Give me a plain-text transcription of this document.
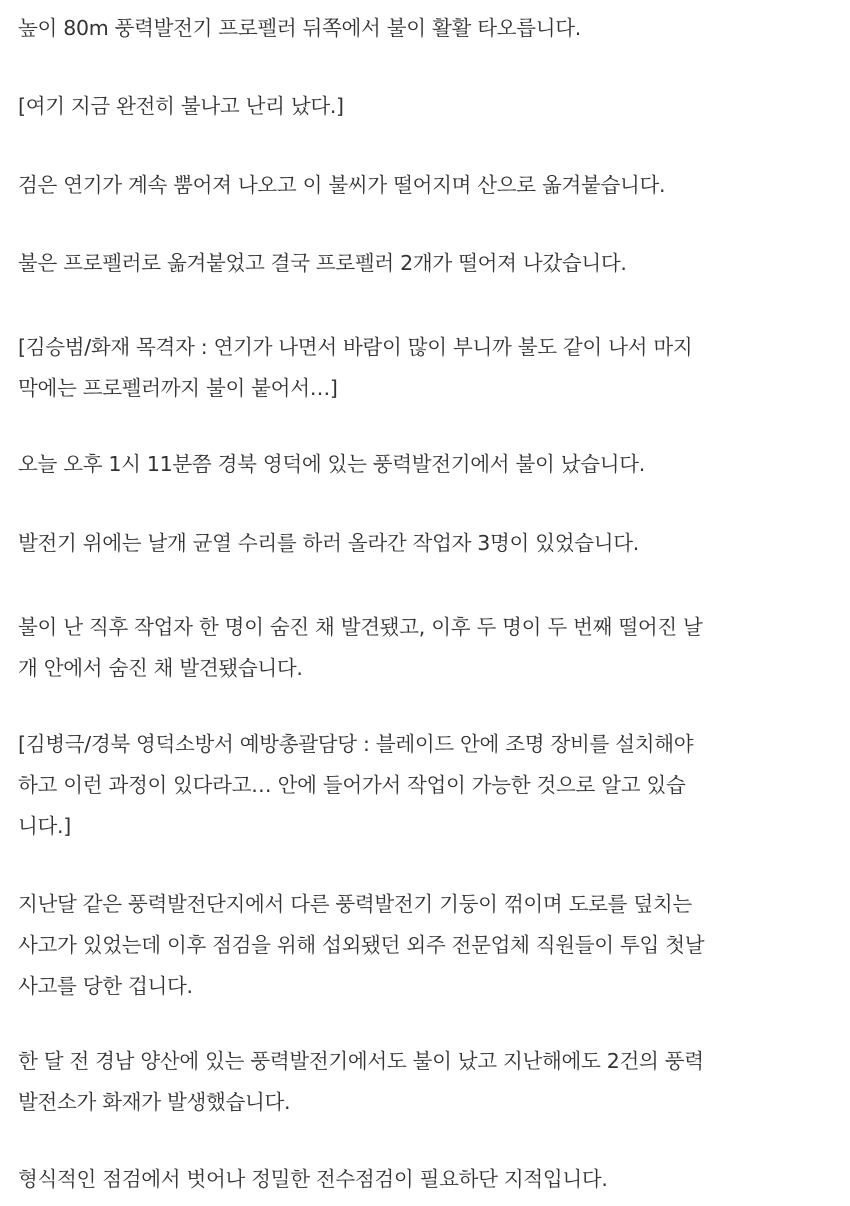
높이 80m 풍력발전기 프로펠러 뒤쪽에서 불이 활활 타오릅니다.

[여기 지금 완전히 불나고 난리 났다.]

검은 연기가 계속 뿜어져 나오고 이 불씨가 떨어지며 산으로 옮겨붙습니다.

불은 프로펠러로 옮겨붙었고 결국 프로펠러 2개가 떨어져 나갔습니다.

[김승범/화재 목격자 : 연기가 나면서 바람이 많이 부니까 불도 같이 나서 마지
막에는 프로펠러까지 불이 붙어서…]

오늘 오후 1시 11분쯤 경북 영덕에 있는 풍력발전기에서 불이 났습니다.

발전기 위에는 날개 균열 수리를 하러 올라간 작업자 3명이 있었습니다.

불이 난 직후 작업자 한 명이 숨진 채 발견됐고, 이후 두 명이 두 번째 떨어진 날
개 안에서 숨진 채 발견됐습니다.

[김병극/경북 영덕소방서 예방총괄담당 : 블레이드 안에 조명 장비를 설치해야
하고 이런 과정이 있다라고… 안에 들어가서 작업이 가능한 것으로 알고 있습
니다.]

지난달 같은 풍력발전단지에서 다른 풍력발전기 기둥이 꺾이며 도로를 덮치는
사고가 있었는데 이후 점검을 위해 섭외됐던 외주 전문업체 직원들이 투입 첫날
사고를 당한 겁니다.

한 달 전 경남 양산에 있는 풍력발전기에서도 불이 났고 지난해에도 2건의 풍력
발전소가 화재가 발생했습니다.

형식적인 점검에서 벗어나 정밀한 전수점검이 필요하단 지적입니다.
